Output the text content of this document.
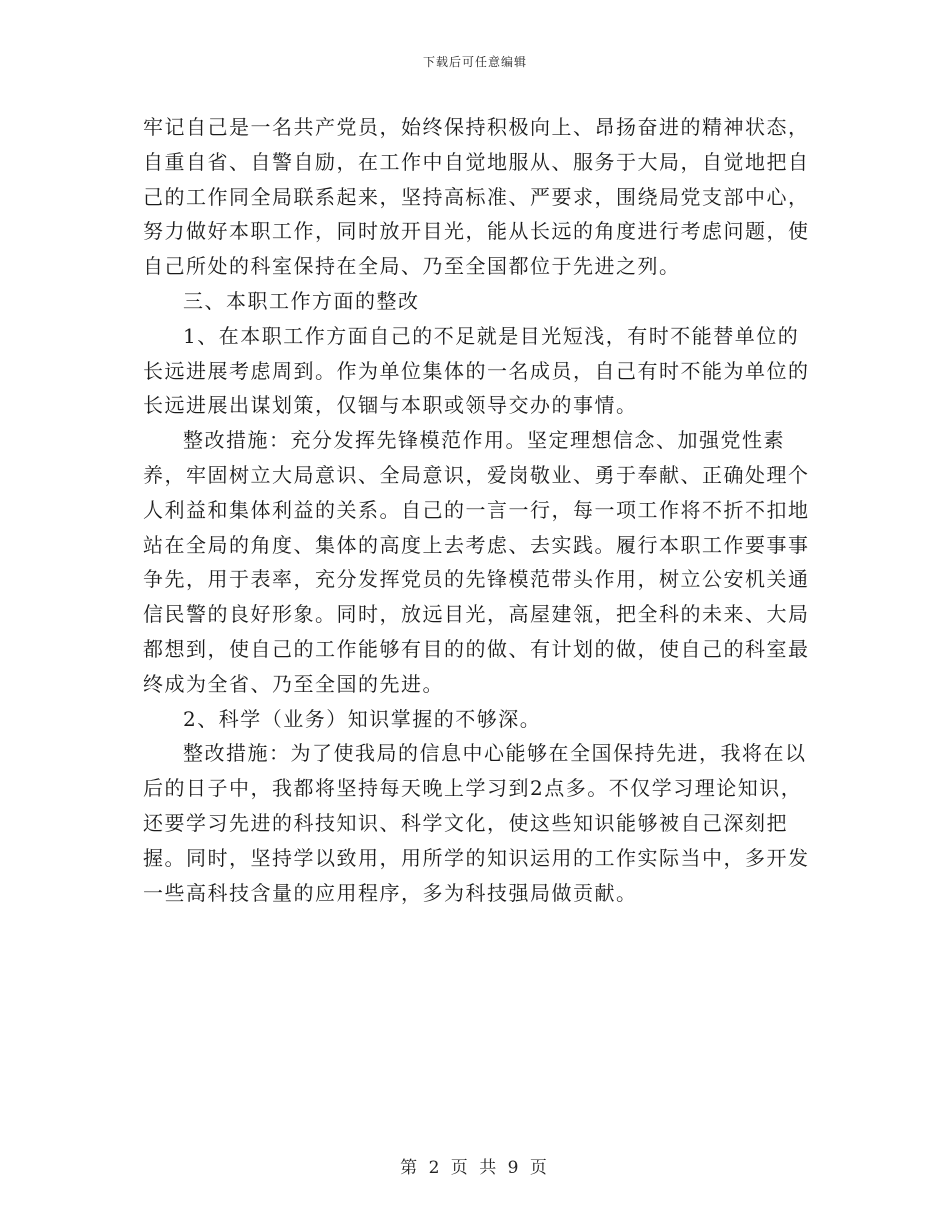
下载后可任意编辑

牢记自己是一名共产党员，始终保持积极向上、昂扬奋进的精神状态，自重自省、自警自励，在工作中自觉地服从、服务于大局，自觉地把自己的工作同全局联系起来，坚持高标准、严要求，围绕局党支部中心，努力做好本职工作，同时放开目光，能从长远的角度进行考虑问题，使自己所处的科室保持在全局、乃至全国都位于先进之列。

三、本职工作方面的整改

1、在本职工作方面自己的不足就是目光短浅，有时不能替单位的长远进展考虑周到。作为单位集体的一名成员，自己有时不能为单位的长远进展出谋划策，仅锢与本职或领导交办的事情。

整改措施：充分发挥先锋模范作用。坚定理想信念、加强党性素养，牢固树立大局意识、全局意识，爱岗敬业、勇于奉献、正确处理个人利益和集体利益的关系。自己的一言一行，每一项工作将不折不扣地站在全局的角度、集体的高度上去考虑、去实践。履行本职工作要事事争先，用于表率，充分发挥党员的先锋模范带头作用，树立公安机关通信民警的良好形象。同时，放远目光，高屋建瓴，把全科的未来、大局都想到，使自己的工作能够有目的的做、有计划的做，使自己的科室最终成为全省、乃至全国的先进。

2、科学（业务）知识掌握的不够深。

整改措施：为了使我局的信息中心能够在全国保持先进，我将在以后的日子中，我都将坚持每天晚上学习到2点多。不仅学习理论知识，还要学习先进的科技知识、科学文化，使这些知识能够被自己深刻把握。同时，坚持学以致用，用所学的知识运用的工作实际当中，多开发一些高科技含量的应用程序，多为科技强局做贡献。

第 2 页 共 9 页
